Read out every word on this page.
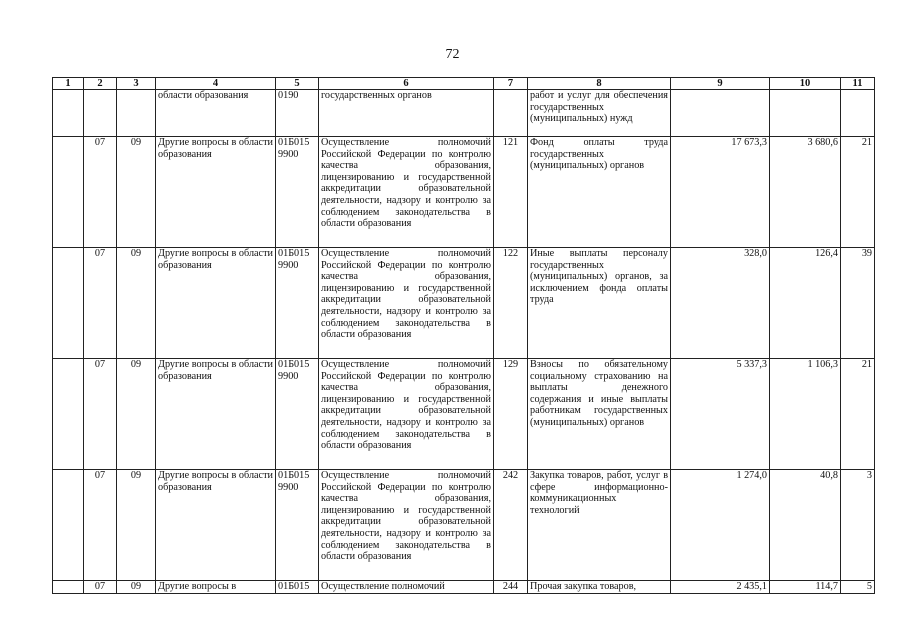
72
1	2	3	4	5	6	7	8	9	10	11
			области образования	0190	государственных органов		работ и услуг для обеспечения государственных (муниципальных) нужд			
	07	09	Другие вопросы в области образования	01Б015 9900	Осуществление полномочий Российской Федерации по контролю качества образования, лицензированию и государственной аккредитации образовательной деятельности, надзору и контролю за соблюдением законодательства в области образования	121	Фонд оплаты труда государственных (муниципальных) органов	17 673,3	3 680,6	21
	07	09	Другие вопросы в области образования	01Б015 9900	Осуществление полномочий Российской Федерации по контролю качества образования, лицензированию и государственной аккредитации образовательной деятельности, надзору и контролю за соблюдением законодательства в области образования	122	Иные выплаты персоналу государственных (муниципальных) органов, за исключением фонда оплаты труда	328,0	126,4	39
	07	09	Другие вопросы в области образования	01Б015 9900	Осуществление полномочий Российской Федерации по контролю качества образования, лицензированию и государственной аккредитации образовательной деятельности, надзору и контролю за соблюдением законодательства в области образования	129	Взносы по обязательному социальному страхованию на выплаты денежного содержания и иные выплаты работникам государственных (муниципальных) органов	5 337,3	1 106,3	21
	07	09	Другие вопросы в области образования	01Б015 9900	Осуществление полномочий Российской Федерации по контролю качества образования, лицензированию и государственной аккредитации образовательной деятельности, надзору и контролю за соблюдением законодательства в области образования	242	Закупка товаров, работ, услуг в сфере информационно-коммуникационных технологий	1 274,0	40,8	3
	07	09	Другие вопросы в	01Б015	Осуществление полномочий	244	Прочая закупка товаров,	2 435,1	114,7	5
